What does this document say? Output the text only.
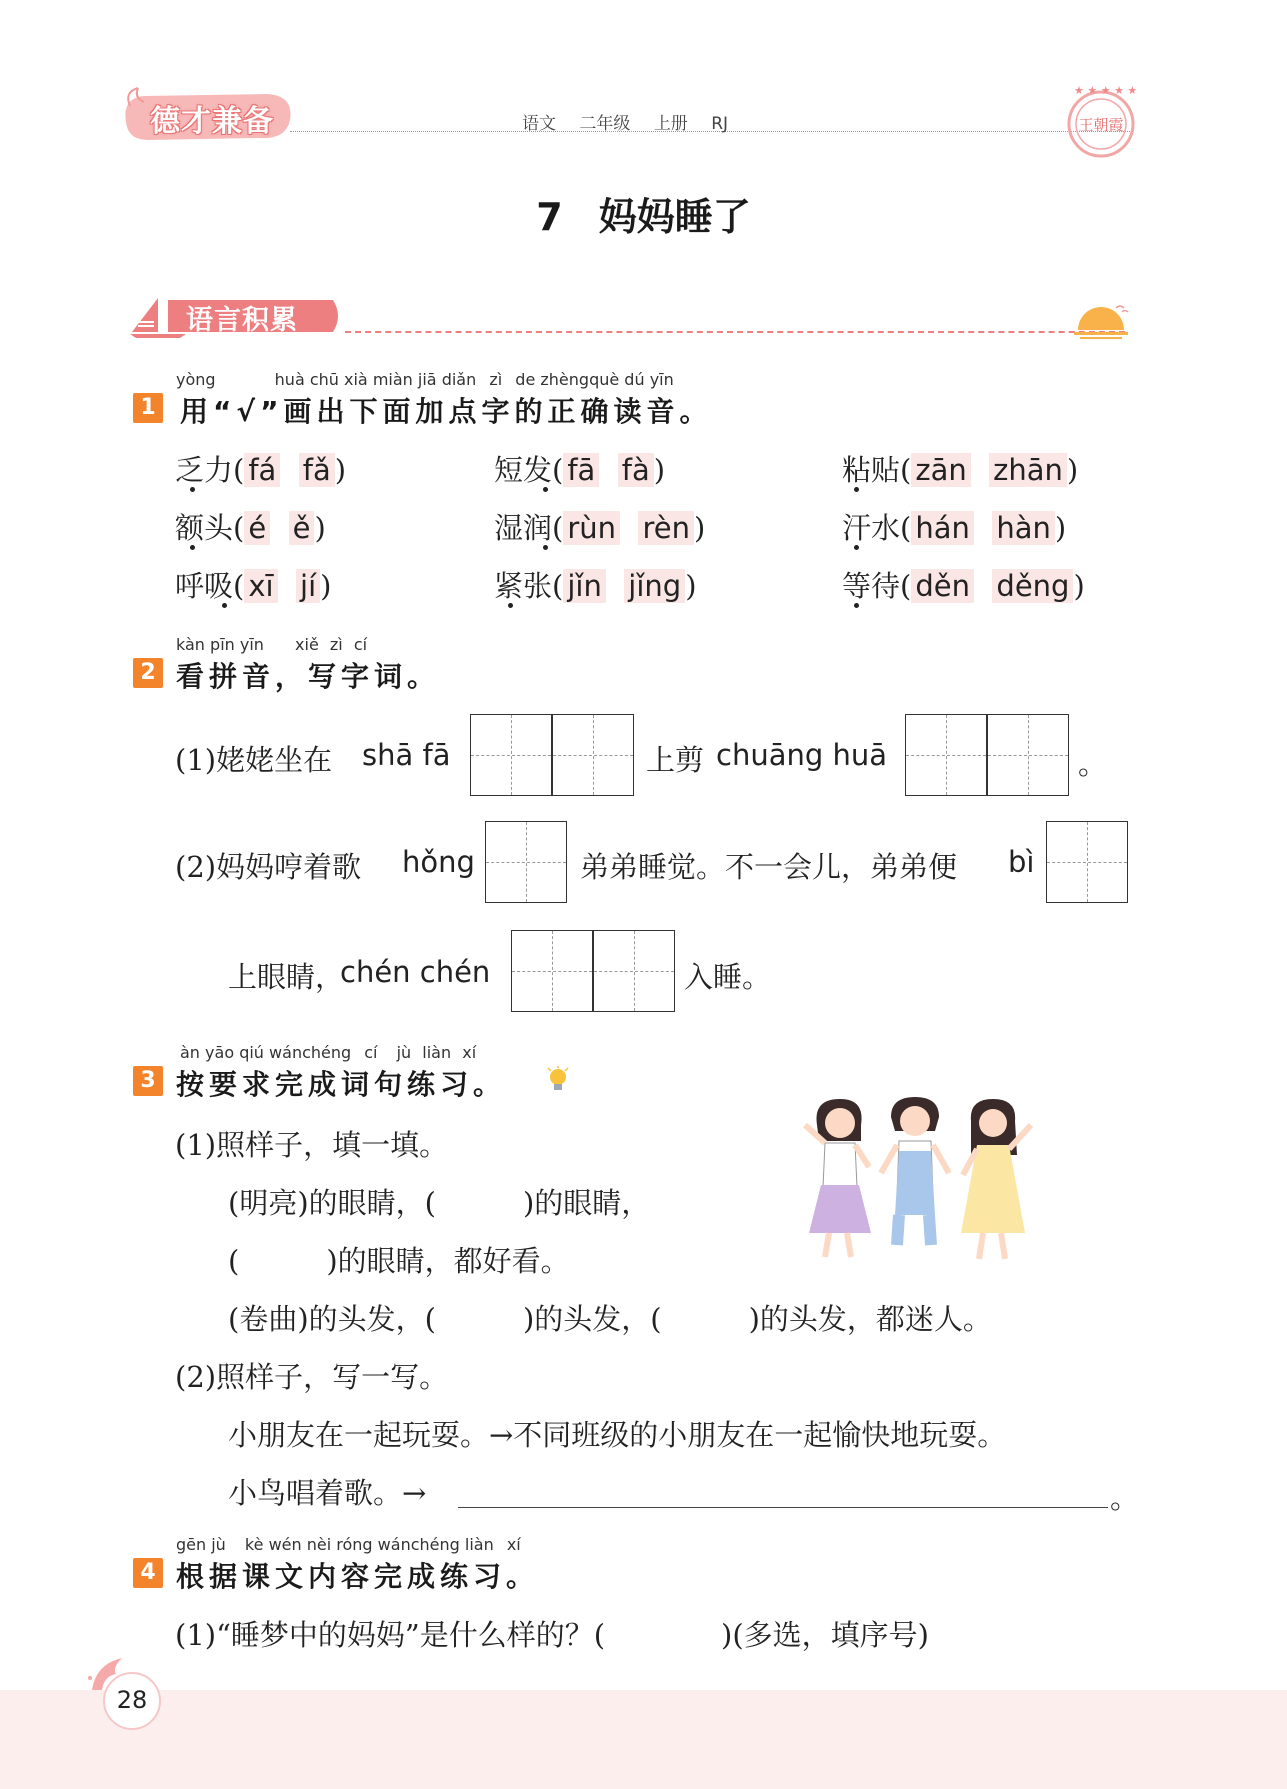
德才兼备	语文 二年级 上册 RJ
★ ★ ★ ★ ★
王朝霞
7 妈妈睡了
语言积累
yòng	huà chū xià miàn jiā diǎn zì de zhèngquè dú yīn
1 用“√”画出下面加点字的正确读音。
乏力( fá fǎ )	短发( fā fà )	粘贴( zān zhān )
额头( é ě )	湿润( rùn rèn )	汗水( hán hàn )
呼吸( xī jí )	紧张( jǐn jǐng )	等待( děn děng )
kàn pīn yīn xiě zì cí
2 看拼音，写字词。
(1)姥姥坐在 shā fā	上剪 chuāng huā	。
(2)妈妈哼着歌 hǒng	弟弟睡觉。不一会儿，弟弟便 bì
上眼睛，
chén chén	入睡。
àn yāo qiú wánchéng cí jù liàn xí
3 按要求完成词句练习。
(1)照样子，填一填。
(明亮)的眼睛，(　　　)的眼睛，
(　　　)的眼睛，都好看。
(卷曲)的头发，(　　　)的头发，(　　　)的头发，都迷人。
(2)照样子，写一写。
小朋友在一起玩耍。→不同班级的小朋友在一起愉快地玩耍。
小鸟唱着歌。→	。
gēn jù kè wén nèi róng wánchéng liàn xí
4 根据课文内容完成练习。
(1)“睡梦中的妈妈”是什么样的？(　　　　)(多选，填序号)
28
